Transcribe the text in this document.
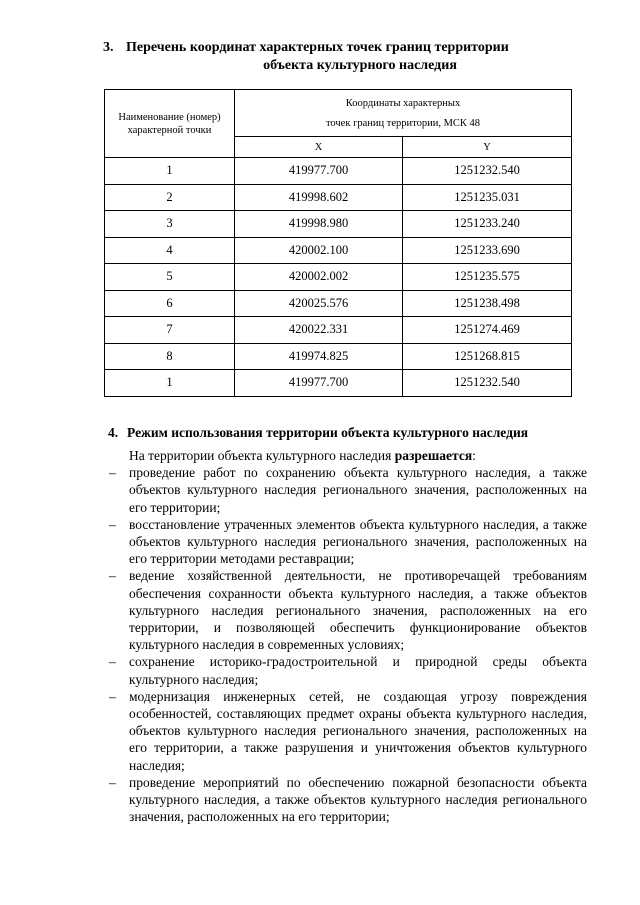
3. Перечень координат характерных точек границ территории
объекта культурного наследия
Наименование (номер) характерной точки	Координаты характерных
точек границ территории, МСК 48	

	X	Y
1	419977.700	1251232.540
2	419998.602	1251235.031
3	419998.980	1251233.240
4	420002.100	1251233.690
5	420002.002	1251235.575
6	420025.576	1251238.498
7	420022.331	1251274.469
8	419974.825	1251268.815
1	419977.700	1251232.540
4. Режим использования территории объекта культурного наследия
На территории объекта культурного наследия разрешается:
– проведение работ по сохранению объекта культурного наследия, а также объектов культурного наследия регионального значения, расположенных на его территории;
– восстановление утраченных элементов объекта культурного наследия, а также объектов культурного наследия регионального значения, расположенных на его территории методами реставрации;
– ведение хозяйственной деятельности, не противоречащей требованиям обеспечения сохранности объекта культурного наследия, а также объектов культурного наследия регионального значения, расположенных на его территории, и позволяющей обеспечить функционирование объектов культурного наследия в современных условиях;
– сохранение историко-градостроительной и природной среды объекта культурного наследия;
– модернизация инженерных сетей, не создающая угрозу повреждения особенностей, составляющих предмет охраны объекта культурного наследия, объектов культурного наследия регионального значения, расположенных на его территории, а также разрушения и уничтожения объектов культурного наследия;
– проведение мероприятий по обеспечению пожарной безопасности объекта культурного наследия, а также объектов культурного наследия регионального значения, расположенных на его территории;
